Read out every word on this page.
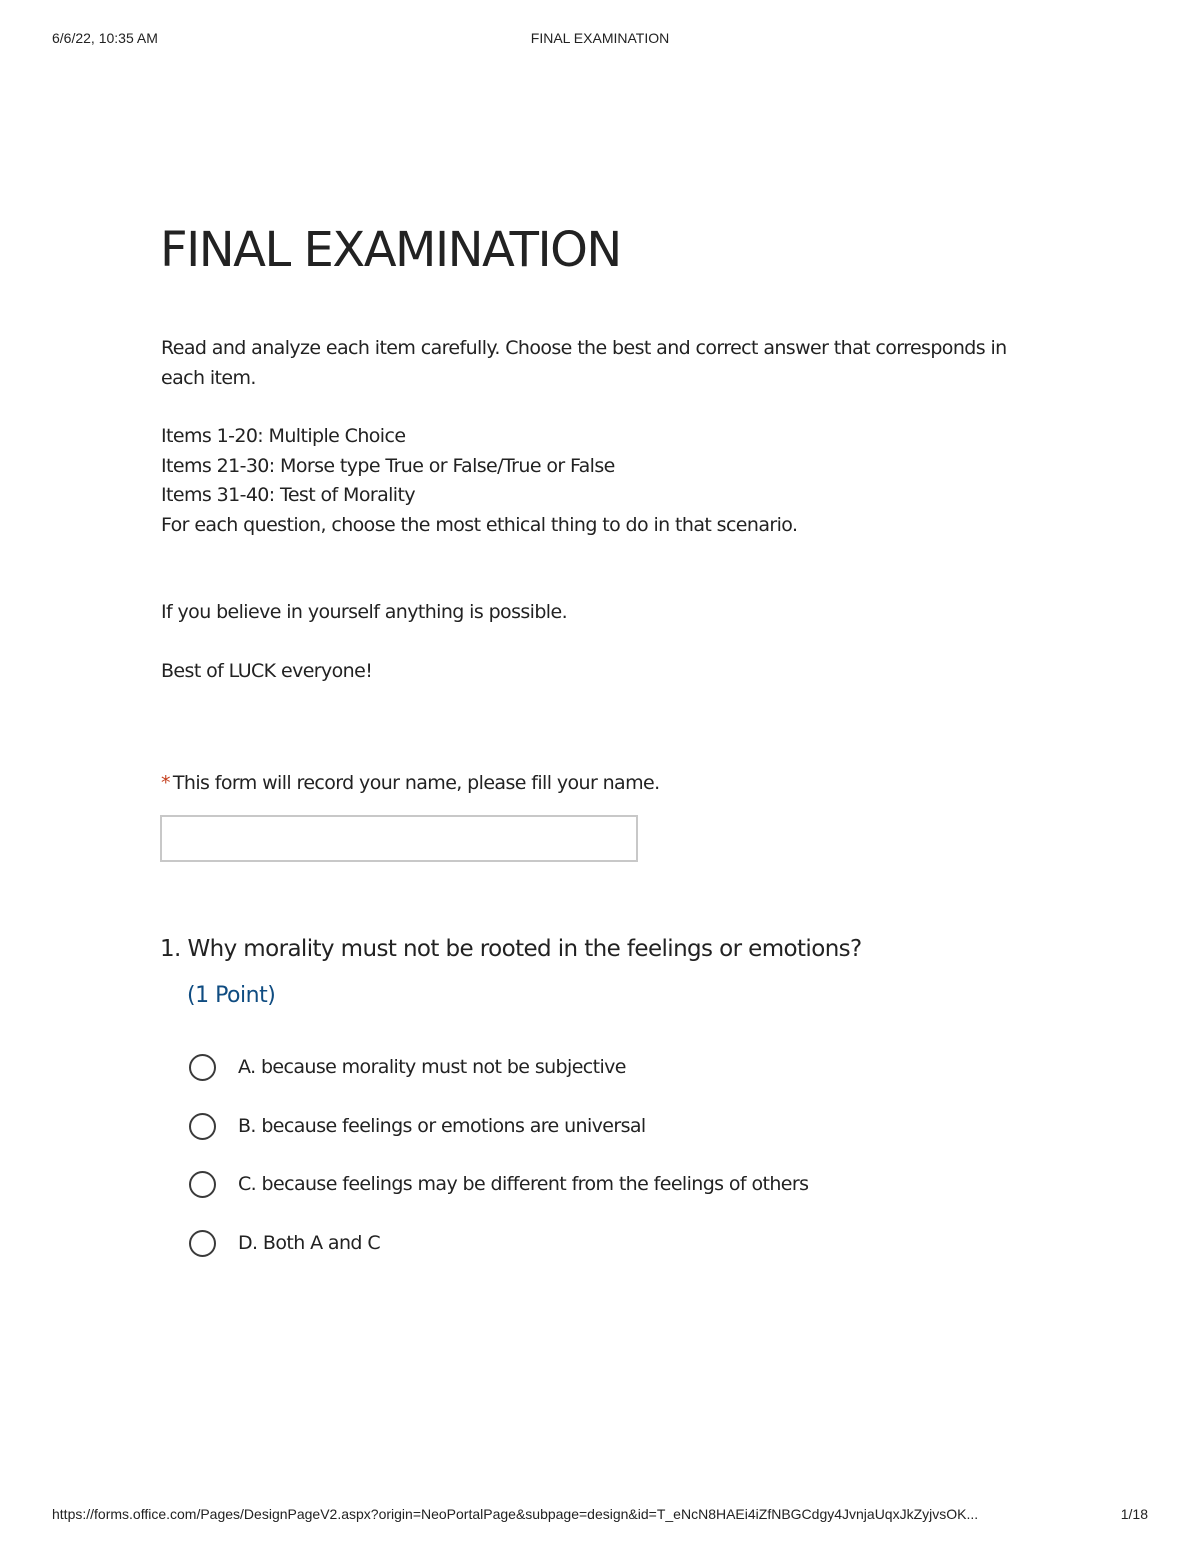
6/6/22, 10:35 AM	FINAL EXAMINATION
FINAL EXAMINATION

Read and analyze each item carefully. Choose the best and correct answer that corresponds in each item.

Items 1-20: Multiple Choice

Items 21-30: Morse type True or False/True or False

Items 31-40: Test of Morality

For each question, choose the most ethical thing to do in that scenario.

If you believe in yourself anything is possible.

Best of LUCK everyone!

* This form will record your name, please fill your name.
1. Why morality must not be rooted in the feelings or emotions?
(1 Point)
A. because morality must not be subjective
B. because feelings or emotions are universal
C. because feelings may be different from the feelings of others
D. Both A and C
https://forms.office.com/Pages/DesignPageV2.aspx?origin=NeoPortalPage&subpage=design&id=T_eNcN8HAEi4iZfNBGCdgy4JvnjaUqxJkZyjvsOK...	1/18
